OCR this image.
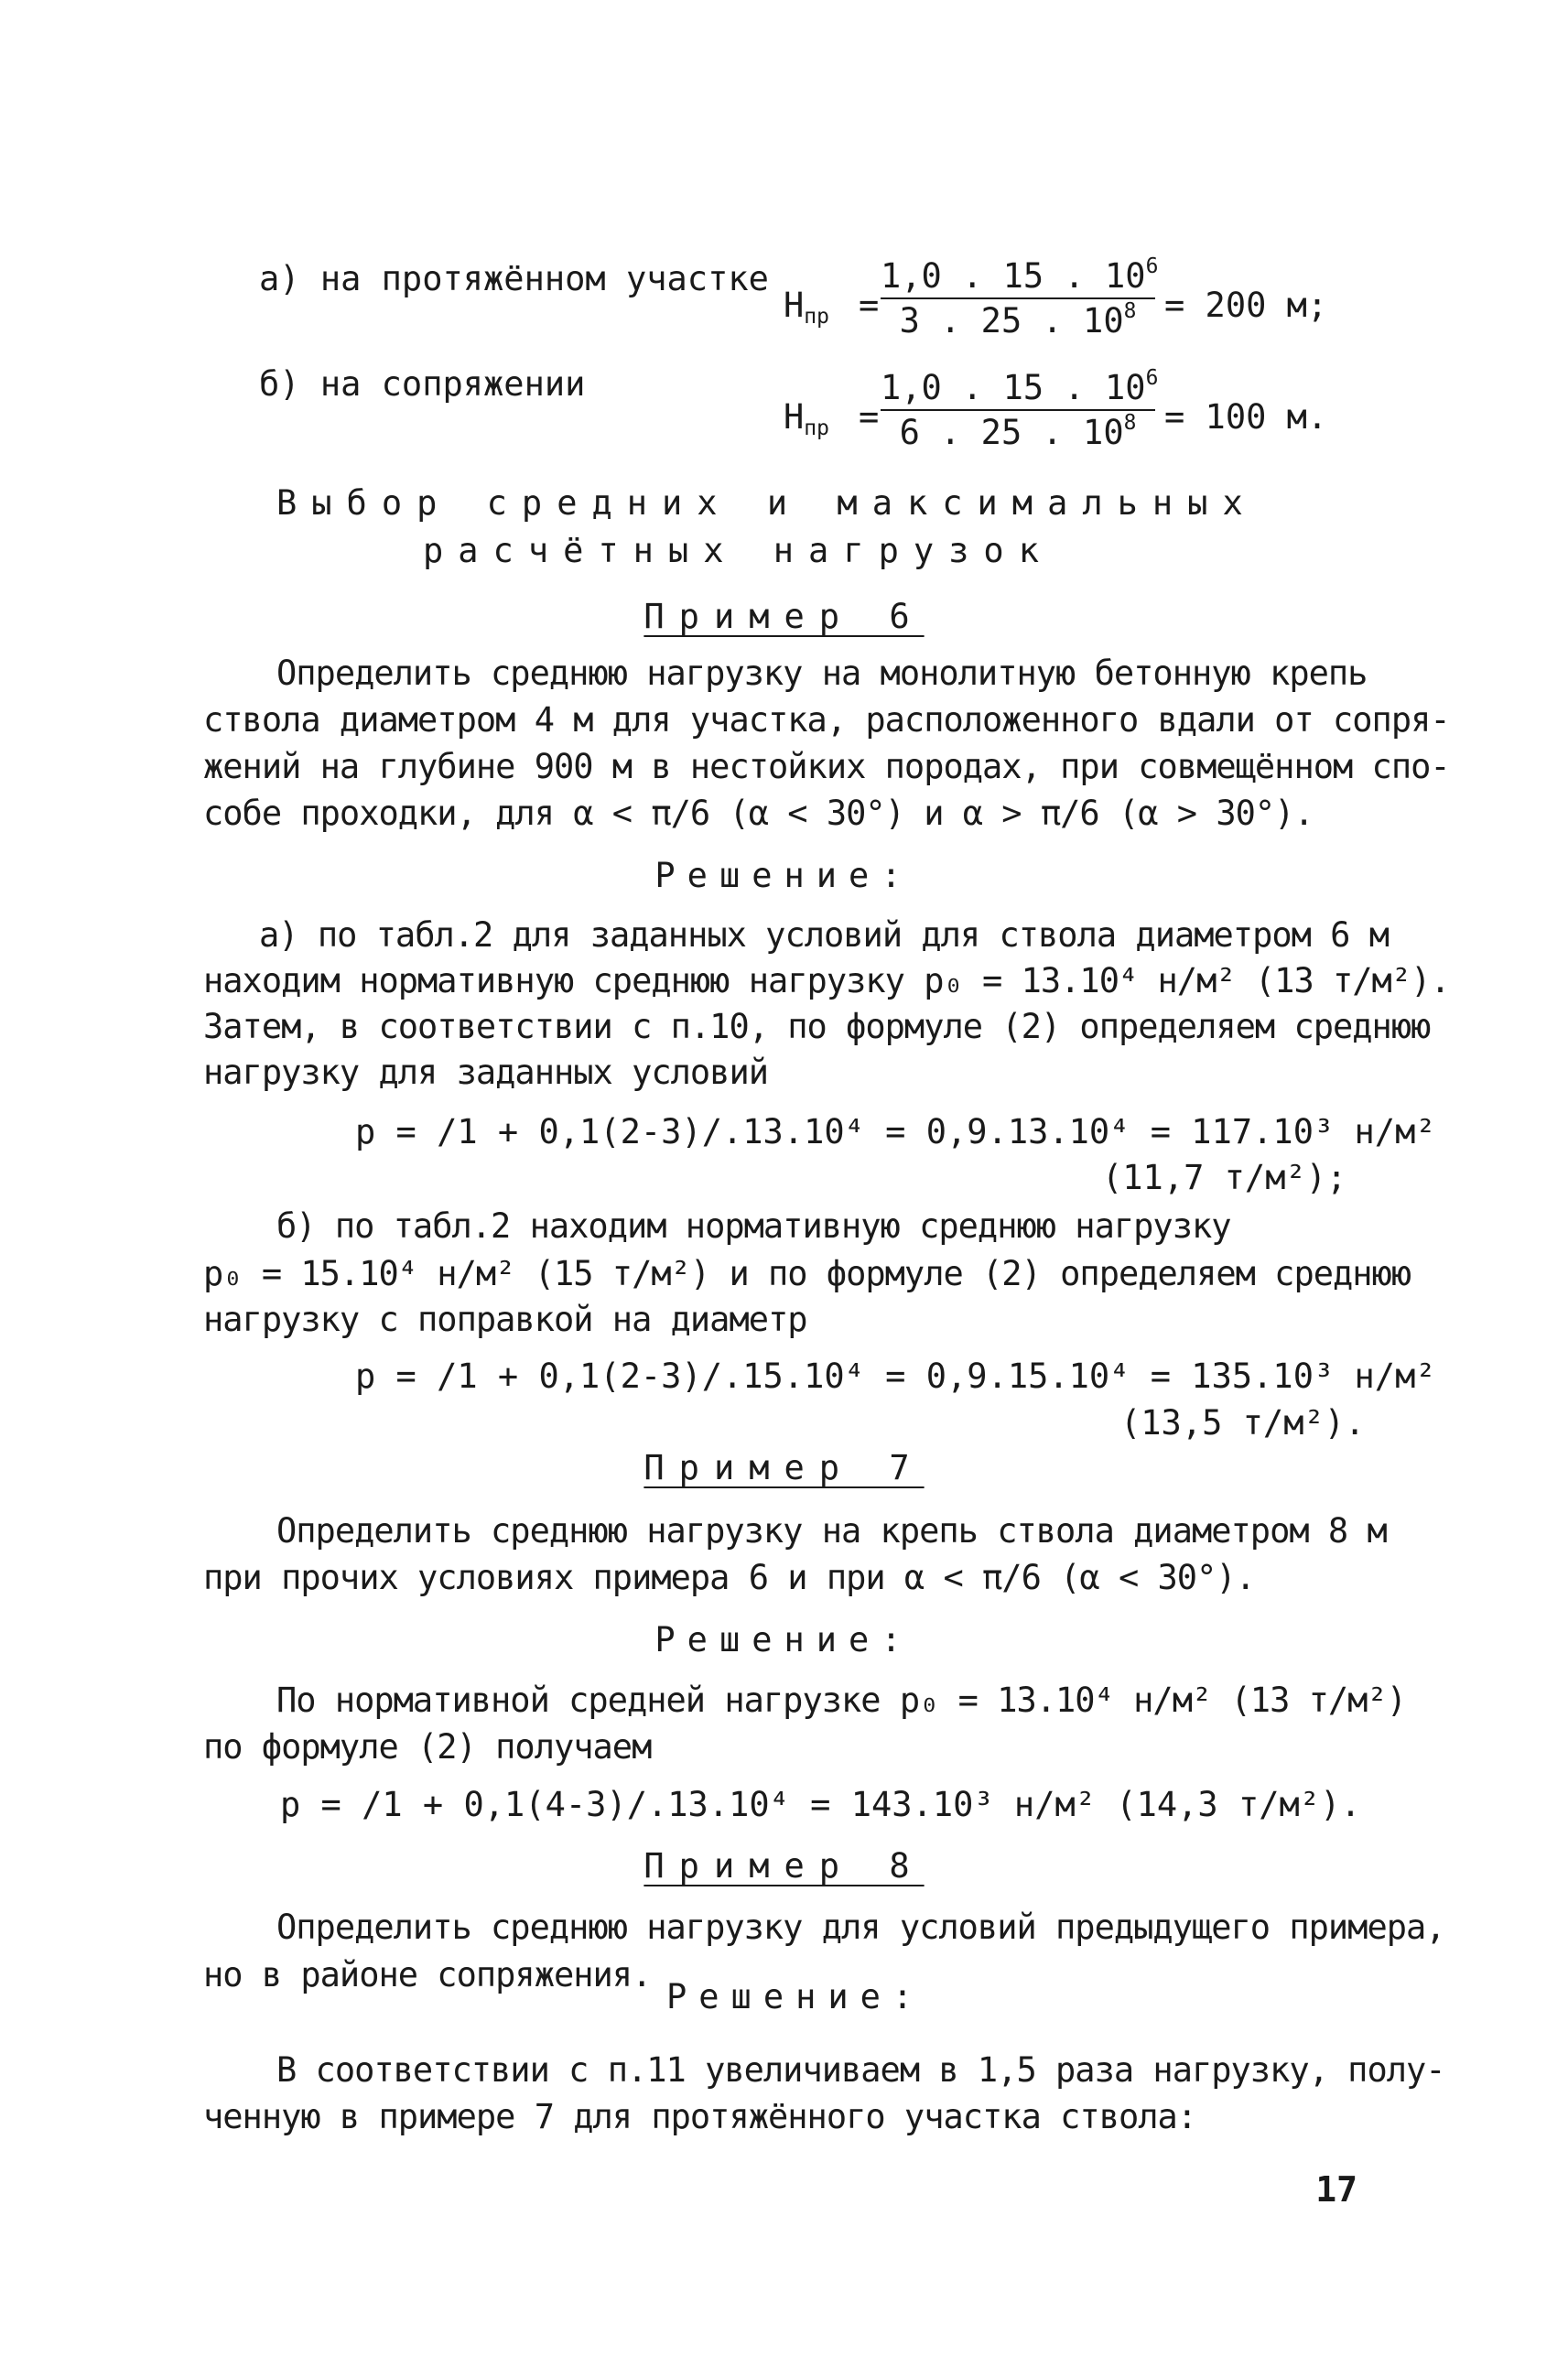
а) на протяжённом участке
$Н_{пр}$ =
1,0 . 15 . $10^6$
3 . 25 . $10^8 = 200$ м;
б) на сопряжении
$Н_{пр}$ =
1,0 . 15 . $10^6$
6 . 25 . $10^8 = 100$ м.
Выбор средних и максимальных
расчётных нагрузок
Пример 6
Определить среднюю нагрузку на монолитную бетонную крепь
ствола диаметром 4 м для участка, расположенного вдали от сопря-
жений на глубине 900 м в нестойких породах, при совмещённом спо-
собе проходки, для α < π/6 (α < 30°) и α > π/6 (α > 30°).
Решение:
а) по табл.2 для заданных условий для ствола диаметром 6 м
находим нормативную среднюю нагрузку p₀ = 13.10⁴ н/м² (13 т/м²).
Затем, в соответствии с п.10, по формуле (2) определяем среднюю
нагрузку для заданных условий
p = /1 + 0,1(2-3)/.13.10⁴ = 0,9.13.10⁴ = 117.10³ н/м²
(11,7 т/м²);
б) по табл.2 находим нормативную среднюю нагрузку
p₀ = 15.10⁴ н/м² (15 т/м²) и по формуле (2) определяем среднюю
нагрузку с поправкой на диаметр
p = /1 + 0,1(2-3)/.15.10⁴ = 0,9.15.10⁴ = 135.10³ н/м²
(13,5 т/м²).
Пример 7
Определить среднюю нагрузку на крепь ствола диаметром 8 м
при прочих условиях примера 6 и при α < π/6 (α < 30°).
Решение:
По нормативной средней нагрузке p₀ = 13.10⁴ н/м² (13 т/м²)
по формуле (2) получаем
p = /1 + 0,1(4-3)/.13.10⁴ = 143.10³ н/м² (14,3 т/м²).
Пример 8
Определить среднюю нагрузку для условий предыдущего примера,
но в районе сопряжения.
Решение:
В соответствии с п.11 увеличиваем в 1,5 раза нагрузку, полу-
ченную в примере 7 для протяжённого участка ствола:
17
